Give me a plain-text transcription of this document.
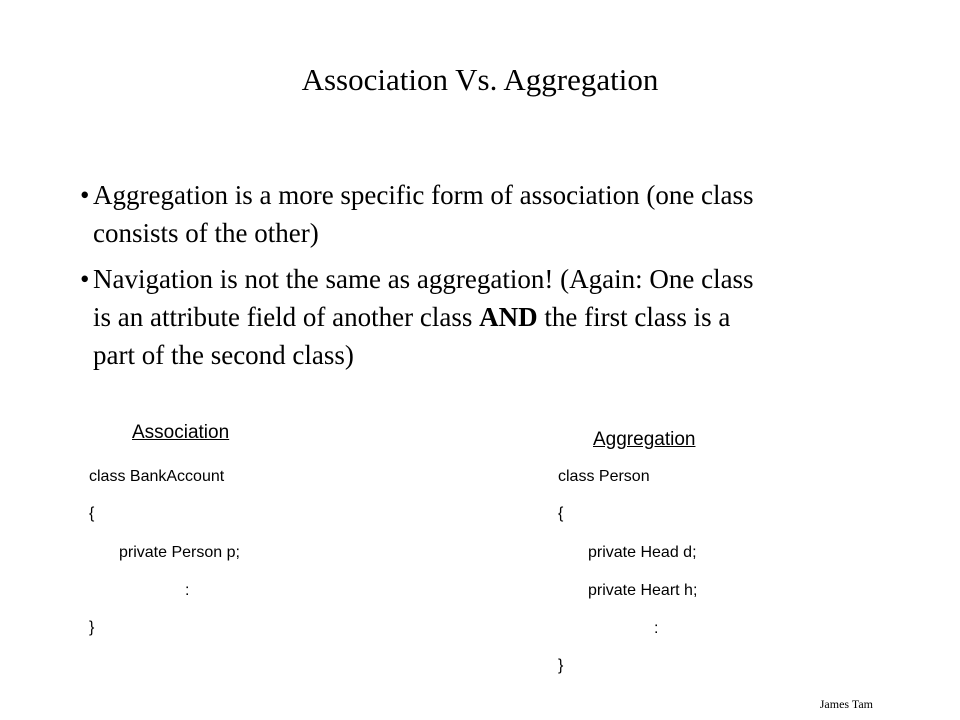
Association Vs. Aggregation
• Aggregation is a more specific form of association (one class
consists of the other)
• Navigation is not the same as aggregation! (Again: One class
is an attribute field of another class AND the first class is a
part of the second class)
Association
class BankAccount
{
private Person p;
:
}
Aggregation
class Person
{
private Head d;
private Heart h;
:
}
James Tam
